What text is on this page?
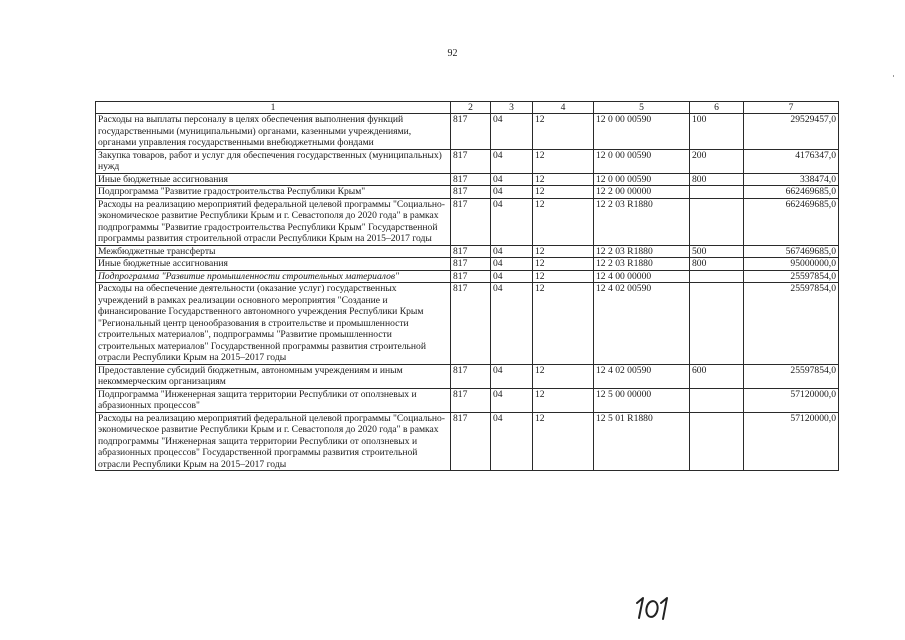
92
1	2	3	4	5	6	7
Расходы на выплаты персоналу в целях обеспечения выполнения функций государственными (муниципальными) органами, казенными учреждениями, органами управления государственными внебюджетными фондами	817	04	12	12 0 00 00590	100	29529457,0
Закупка товаров, работ и услуг для обеспечения государственных (муниципальных) нужд	817	04	12	12 0 00 00590	200	4176347,0
Иные бюджетные ассигнования	817	04	12	12 0 00 00590	800	338474,0
Подпрограмма "Развитие градостроительства Республики Крым"	817	04	12	12 2 00 00000		662469685,0
Расходы на реализацию мероприятий федеральной целевой программы "Социально-экономическое развитие Республики Крым и г. Севастополя до 2020 года" в рамках подпрограммы "Развитие градостроительства Республики Крым" Государственной программы развития строительной отрасли Республики Крым на 2015–2017 годы	817	04	12	12 2 03 R1880		662469685,0
Межбюджетные трансферты	817	04	12	12 2 03 R1880	500	567469685,0
Иные бюджетные ассигнования	817	04	12	12 2 03 R1880	800	95000000,0
Подпрограмма "Развитие промышленности строительных материалов"	817	04	12	12 4 00 00000		25597854,0
Расходы на обеспечение деятельности (оказание услуг) государственных учреждений в рамках реализации основного мероприятия "Создание и финансирование Государственного автономного учреждения Республики Крым "Региональный центр ценообразования в строительстве и промышленности строительных материалов", подпрограммы "Развитие промышленности строительных материалов" Государственной программы развития строительной отрасли Республики Крым на 2015–2017 годы	817	04	12	12 4 02 00590		25597854,0
Предоставление субсидий бюджетным, автономным учреждениям и иным некоммерческим организациям	817	04	12	12 4 02 00590	600	25597854,0
Подпрограмма "Инженерная защита территории Республики от оползневых и абразионных процессов"	817	04	12	12 5 00 00000		57120000,0
Расходы на реализацию мероприятий федеральной целевой программы "Социально-экономическое развитие Республики Крым и г. Севастополя до 2020 года" в рамках подпрограммы "Инженерная защита территории Республики от оползневых и абразионных процессов" Государственной программы развития строительной отрасли Республики Крым на 2015–2017 годы	817	04	12	12 5 01 R1880		57120000,0
